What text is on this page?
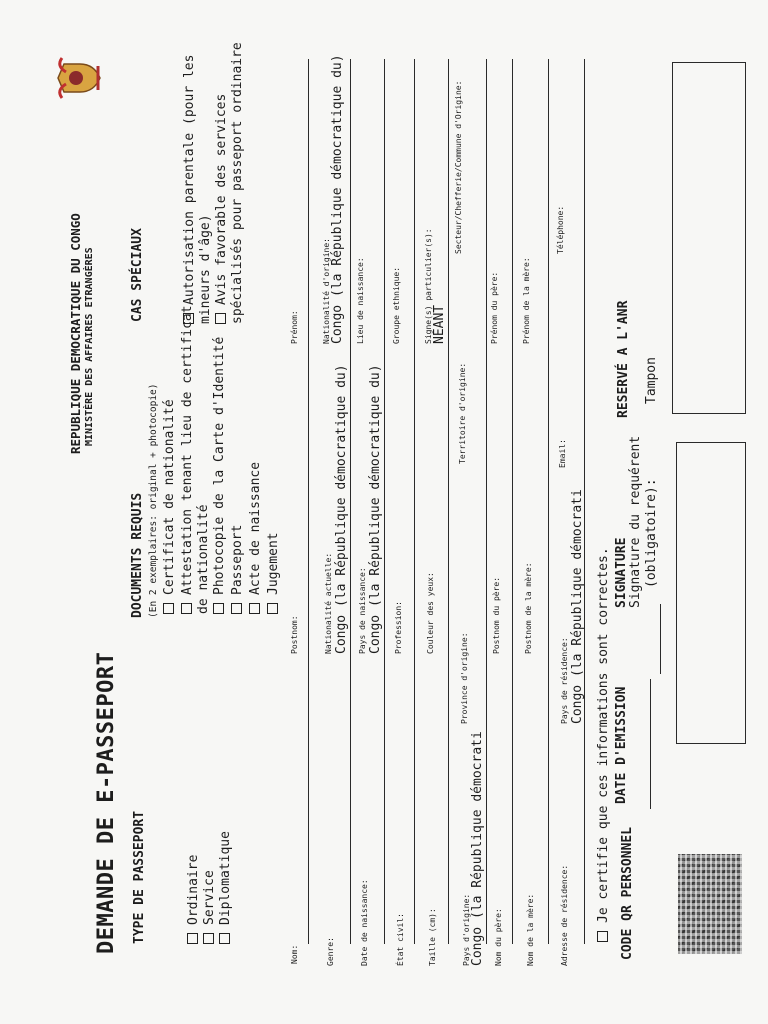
DEMANDE DE E-PASSEPORT
REPUBLIQUE DEMOCRATIQUE DU CONGO MINISTÈRE DES AFFAIRES ETRANGÈRES
TYPE DE PASSEPORT	Ordinaire Service Diplomatique
DOCUMENTS REQUIS (En 2 exemplaires: original + photocopie) Certificat de nationalité Attestation tenant lieu de certificat de nationalité Photocopie de la Carte d'Identité Passeport Acte de naissance Jugement
CAS SPÉCIAUX	Autorisation parentale (pour les mineurs d'âge) Avis favorable des services spécialisés pour passeport ordinaire
Nom:
Postnom:
Prénom:
Genre:
Nationalité actuelle: Congo (la République démocratique du)
Nationalité d'origine: Congo (la République démocratique du)
Date de naissance:
Pays de naissance: Congo (la République démocratique du)
Lieu de naissance:
État civil:
Profession:
Groupe ethnique:
Taille (cm):
Couleur des yeux:
Signe(s) particulier(s): NEANT
Pays d'origine: Congo (la République démocrati
Province d'origine:
Territoire d'origine:
Secteur/Chefferie/Commune d'Origine:
Nom du père:
Postnom du père:
Prénom du père:
Nom de la mère:
Postnom de la mère:
Prénom de la mère:
Adresse de résidence:
Pays de résidence: Congo (la République démocrati
Email:
Téléphone:
Je certifie que ces informations sont correctes. CODE QR PERSONNEL
DATE D'EMISSION
SIGNATURE Signature du requérent (obligatoire):
RESERVÉ A L'ANR Tampon
